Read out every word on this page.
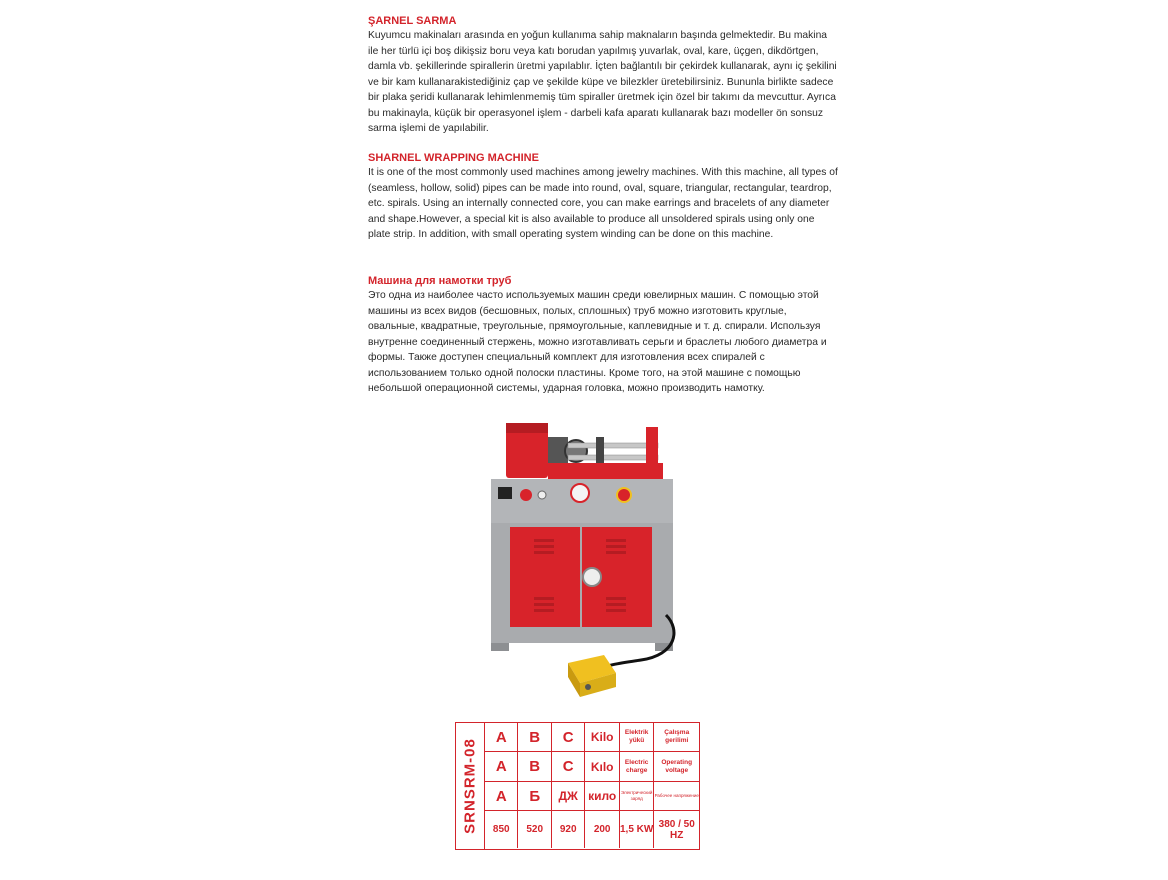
ŞARNEL SARMA
Kuyumcu makinaları arasında en yoğun kullanıma sahip maknaların başında gelmektedir. Bu makina ile her türlü içi boş dikişsiz boru veya katı borudan yapılmış yuvarlak, oval, kare, üçgen, dikdörtgen, damla vb. şekillerinde spirallerin üretmi yapılablır. İçten bağlantılı bir çekirdek kullanarak, aynı iç şekilini ve bir kam kullanarakistediğiniz çap ve şekilde küpe ve bilezkler üretebilirsiniz. Bununla birlikte sadece bir plaka şeridi kullanarak lehimlenmemiş tüm spiraller üretmek için özel bir takımı da mevcuttur. Ayrıca bu makinayla, küçük bir operasyonel işlem - darbeli kafa aparatı kullanarak bazı modeller ön sonsuz sarma işlemi de yapılabilir.
SHARNEL WRAPPING MACHINE
It is one of the most commonly used machines among jewelry machines. With this machine, all types of (seamless, hollow, solid) pipes can be made into round, oval, square, triangular, rectangular, teardrop, etc. spirals. Using an internally connected core, you can make earrings and bracelets of any diameter and shape.However, a special kit is also available to produce all unsoldered spirals using only one plate strip. In addition, with small operating system winding can be done on this machine.
Машина для намотки труб
Это одна из наиболее часто используемых машин среди ювелирных машин. С помощью этой машины из всех видов (бесшовных, полых, сплошных) труб можно изготовить круглые, овальные, квадратные, треугольные, прямоугольные, каплевидные и т. д. спирали. Используя внутренне соединенный стержень, можно изготавливать серьги и браслеты любого диаметра и формы. Также доступен специальный комплект для изготовления всех спиралей с использованием только одной полоски пластины. Кроме того, на этой машине с помощью небольшой операционной системы, ударная головка, можно производить намотку.
SRNSRM-08
A	B	C	Kilo	Elektrik yükü	Çalışma gerilimi
A	B	C	Kılo	Electric charge	Operating voltage
А	Б	ДЖ	кило	Электрический заряд	Рабочее напряжение
850	520	920	200	1,5 KW	380 / 50 HZ
